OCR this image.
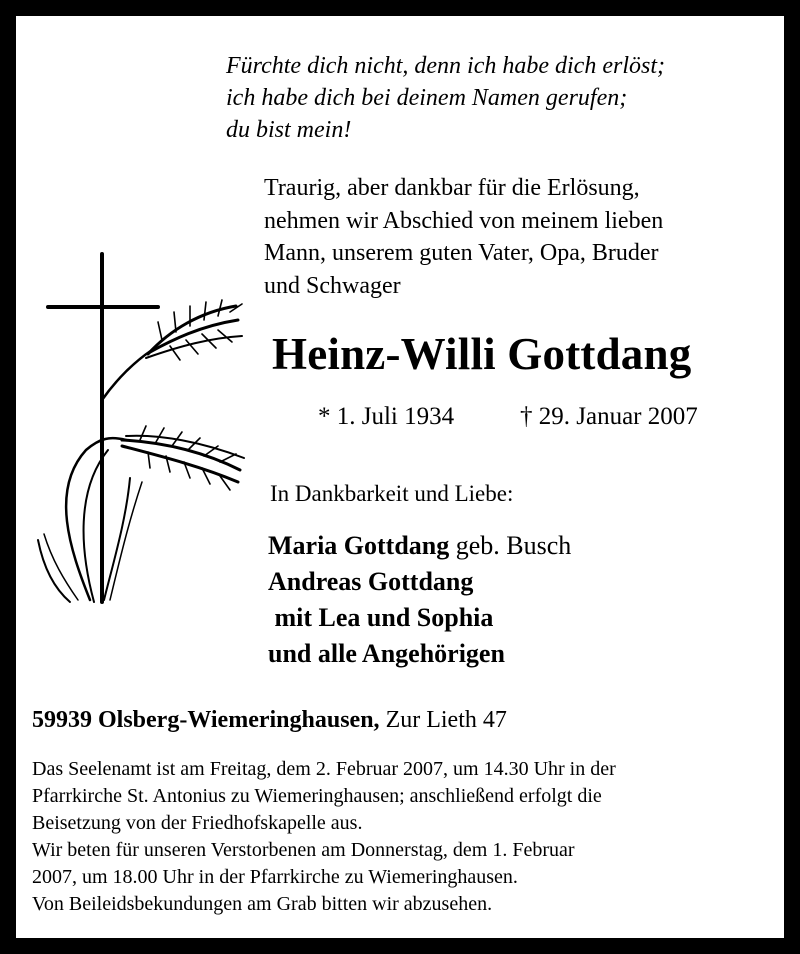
Fürchte dich nicht, denn ich habe dich erlöst;
ich habe dich bei deinem Namen gerufen;
du bist mein!
Traurig, aber dankbar für die Erlösung,
nehmen wir Abschied von meinem lieben
Mann, unserem guten Vater, Opa, Bruder
und Schwager
Heinz-Willi Gottdang
* 1. Juli 1934	† 29. Januar 2007
In Dankbarkeit und Liebe:
Maria Gottdang geb. Busch
Andreas Gottdang
mit Lea und Sophia
und alle Angehörigen
59939 Olsberg-Wiemeringhausen, Zur Lieth 47
Das Seelenamt ist am Freitag, dem 2. Februar 2007, um 14.30 Uhr in der
Pfarrkirche St. Antonius zu Wiemeringhausen; anschließend erfolgt die
Beisetzung von der Friedhofskapelle aus.
Wir beten für unseren Verstorbenen am Donnerstag, dem 1. Februar
2007, um 18.00 Uhr in der Pfarrkirche zu Wiemeringhausen.
Von Beileidsbekundungen am Grab bitten wir abzusehen.
